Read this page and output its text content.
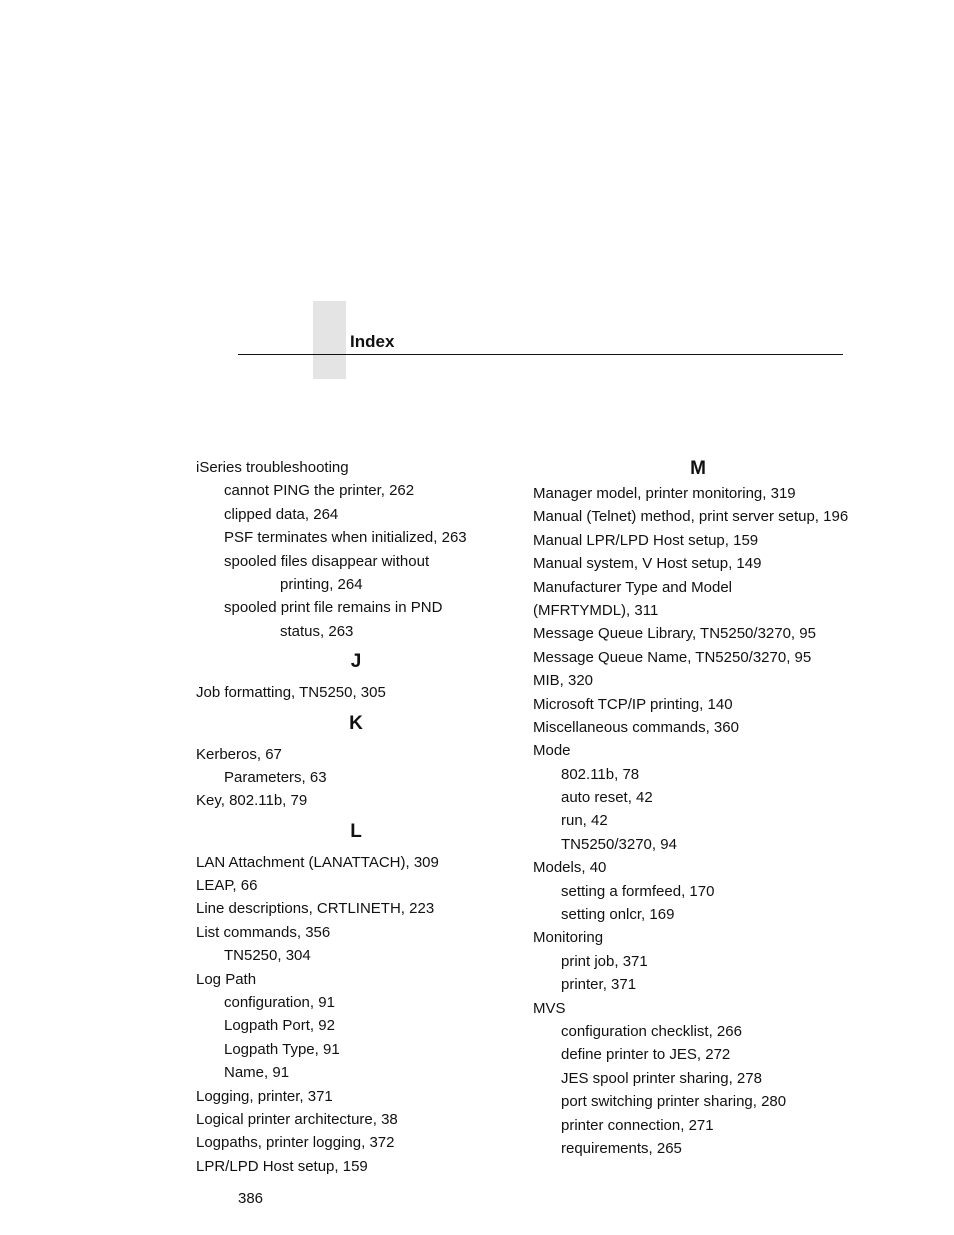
Index
iSeries troubleshooting
cannot PING the printer, 262
clipped data, 264
PSF terminates when initialized, 263
spooled files disappear without
printing, 264
spooled print file remains in PND
status, 263
J
Job formatting, TN5250, 305
K
Kerberos, 67
Parameters, 63
Key, 802.11b, 79
L
LAN Attachment (LANATTACH), 309
LEAP, 66
Line descriptions, CRTLINETH, 223
List commands, 356
TN5250, 304
Log Path
configuration, 91
Logpath Port, 92
Logpath Type, 91
Name, 91
Logging, printer, 371
Logical printer architecture, 38
Logpaths, printer logging, 372
LPR/LPD Host setup, 159
M
Manager model, printer monitoring, 319
Manual (Telnet) method, print server setup, 196
Manual LPR/LPD Host setup, 159
Manual system, V Host setup, 149
Manufacturer Type and Model
(MFRTYMDL), 311
Message Queue Library, TN5250/3270, 95
Message Queue Name, TN5250/3270, 95
MIB, 320
Microsoft TCP/IP printing, 140
Miscellaneous commands, 360
Mode
802.11b, 78
auto reset, 42
run, 42
TN5250/3270, 94
Models, 40
setting a formfeed, 170
setting onlcr, 169
Monitoring
print job, 371
printer, 371
MVS
configuration checklist, 266
define printer to JES, 272
JES spool printer sharing, 278
port switching printer sharing, 280
printer connection, 271
requirements, 265
386
